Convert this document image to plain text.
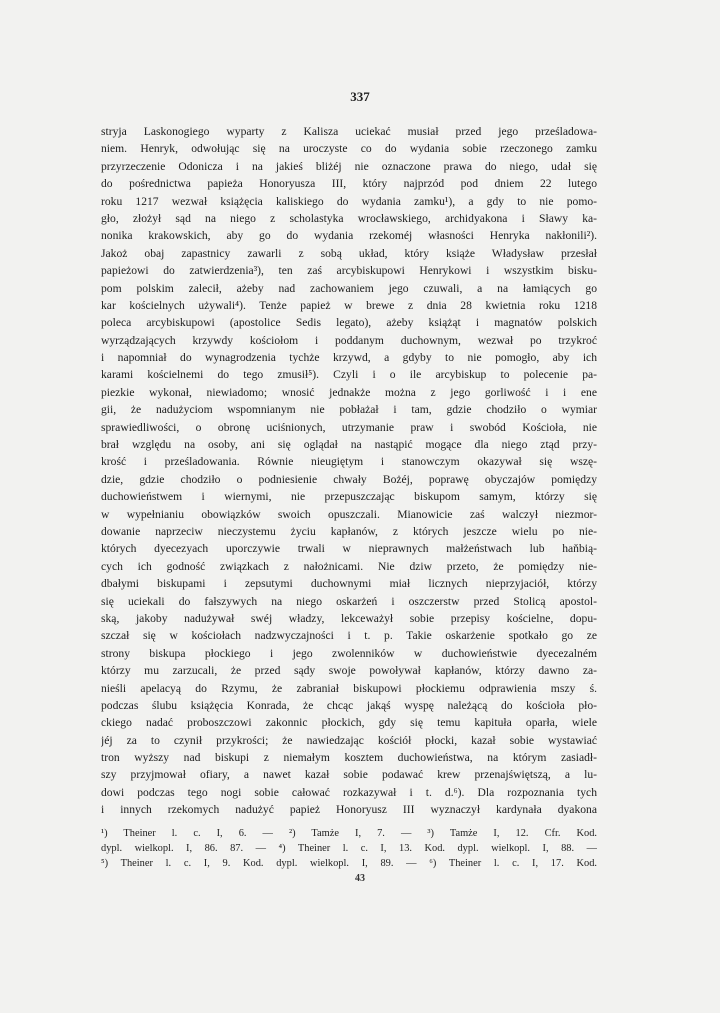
337
stryja Laskonogiego wyparty z Kalisza uciekać musiał przed jego prześladowa-
niem. Henryk, odwołując się na uroczyste co do wydania sobie rzeczonego zamku
przyrzeczenie Odonicza i na jakieś bliżéj nie oznaczone prawa do niego, udał się
do pośrednictwa papieża Honoryusza III, który najprzód pod dniem 22 lutego
roku 1217 wezwał książęcia kaliskiego do wydania zamku¹), a gdy to nie pomo-
gło, złożył sąd na niego z scholastyka wrocławskiego, archidyakona i Sławy ka-
nonika krakowskich, aby go do wydania rzekoméj własności Henryka nakłonili²).
Jakoż obaj zapastnicy zawarli z sobą układ, który książe Władysław przesłał
papieżowi do zatwierdzenia³), ten zaś arcybiskupowi Henrykowi i wszystkim bisku-
pom polskim zalecił, ażeby nad zachowaniem jego czuwali, a na łamiących go
kar kościelnych używali⁴). Tenże papież w brewe z dnia 28 kwietnia roku 1218
poleca arcybiskupowi (apostolice Sedis legato), ażeby książąt i magnatów polskich
wyrządzających krzywdy kościołom i poddanym duchownym, wezwał po trzykroć
i napomniał do wynagrodzenia tychże krzywd, a gdyby to nie pomogło, aby ich
karami kościelnemi do tego zmusił⁵). Czyli i o ile arcybiskup to polecenie pa-
piezkie wykonał, niewiadomo; wnosić jednakże można z jego gorliwość i i ene
gii, że nadużyciom wspomnianym nie pobłażał i tam, gdzie chodziło o wymiar
sprawiedliwości, o obronę uciśnionych, utrzymanie praw i swobód Kościoła, nie
brał względu na osoby, ani się oglądał na nastąpić mogące dla niego ztąd przy-
krość i prześladowania. Równie nieugiętym i stanowczym okazywał się wszę-
dzie, gdzie chodziło o podniesienie chwały Bożéj, poprawę obyczajów pomiędzy
duchowieństwem i wiernymi, nie przepuszczając biskupom samym, którzy się
w wypełnianiu obowiązków swoich opuszczali. Mianowicie zaś walczył niezmor-
dowanie naprzeciw nieczystemu życiu kapłanów, z których jeszcze wielu po nie-
których dyecezyach uporczywie trwali w nieprawnych małżeństwach lub haňbią-
cych ich godność związkach z nałożnicami. Nie dziw przeto, że pomiędzy nie-
dbałymi biskupami i zepsutymi duchownymi miał licznych nieprzyjaciół, którzy
się uciekali do fałszywych na niego oskarżeń i oszczerstw przed Stolicą apostol-
ską, jakoby nadużywał swéj władzy, lekceważył sobie przepisy kościelne, dopu-
szczał się w kościołach nadzwyczajności i t. p. Takie oskarżenie spotkało go ze
strony biskupa płockiego i jego zwolenników w duchowieństwie dyecezalném
którzy mu zarzucali, że przed sądy swoje powoływał kapłanów, którzy dawno za-
nieśli apelacyą do Rzymu, że zabraniał biskupowi płockiemu odprawienia mszy ś.
podczas ślubu książęcia Konrada, że chcąc jakąś wyspę należącą do kościoła pło-
ckiego nadać proboszczowi zakonnic płockich, gdy się temu kapituła oparła, wiele
jéj za to czynił przykrości; że nawiedzając kościół płocki, kazał sobie wystawiać
tron wyższy nad biskupi z niemałym kosztem duchowieństwa, na którym zasiadł-
szy przyjmował ofiary, a nawet kazał sobie podawać krew przenajświętszą, a lu-
dowi podczas tego nogi sobie całować rozkazywał i t. d.⁶). Dla rozpoznania tych
i innych rzekomych nadużyć papież Honoryusz III wyznaczył kardynała dyakona
¹) Theiner l. c. I, 6. — ²) Tamże I, 7. — ³) Tamże I, 12. Cfr. Kod.
dypl. wielkopl. I, 86. 87. — ⁴) Theiner l. c. I, 13. Kod. dypl. wielkopl. I, 88. —
⁵) Theiner l. c. I, 9. Kod. dypl. wielkopl. I, 89. — ⁶) Theiner l. c. I, 17. Kod.
43
